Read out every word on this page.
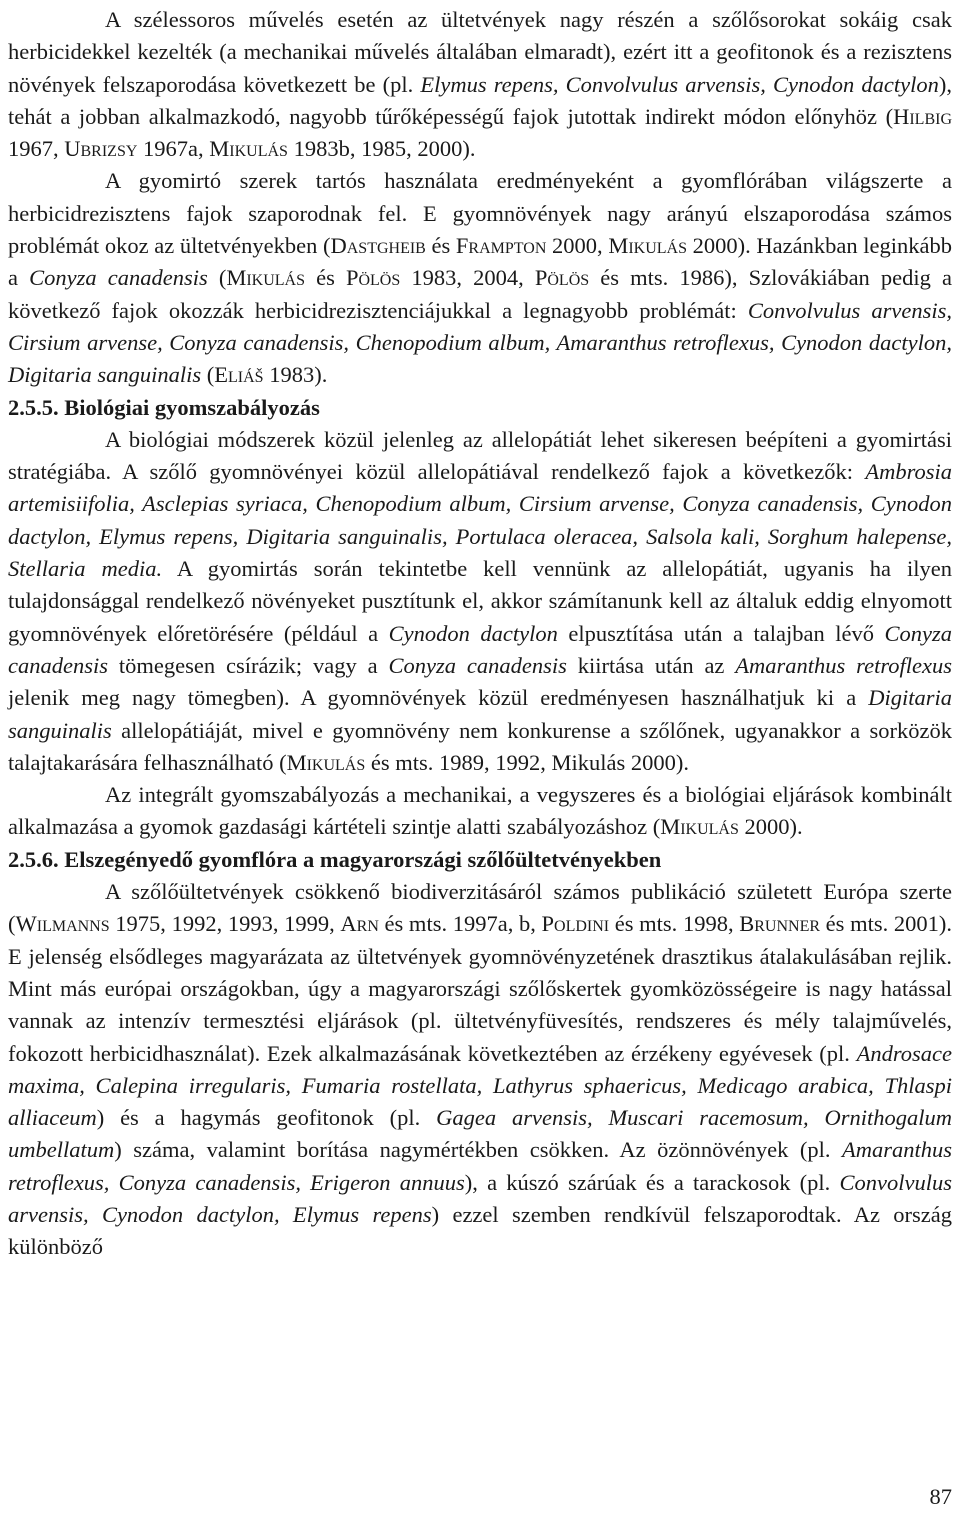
A szélessoros művelés esetén az ültetvények nagy részén a szőlősorokat sokáig csak herbicidekkel kezelték (a mechanikai művelés általában elmaradt), ezért itt a geofitonok és a rezisztens növények felszaporodása következett be (pl. Elymus repens, Convolvulus arvensis, Cynodon dactylon), tehát a jobban alkalmazkodó, nagyobb tűrőképességű fajok jutottak indirekt módon előnyhöz (Hilbig 1967, Ubrizsy 1967a, Mikulás 1983b, 1985, 2000).

A gyomirtó szerek tartós használata eredményeként a gyomflórában világszerte a herbicidrezisztens fajok szaporodnak fel. E gyomnövények nagy arányú elszaporodása számos problémát okoz az ültetvényekben (Dastgheib és Frampton 2000, Mikulás 2000). Hazánkban leginkább a Conyza canadensis (Mikulás és Pölös 1983, 2004, Pölös és mts. 1986), Szlovákiában pedig a következő fajok okozzák herbicidrezisztenciájukkal a legnagyobb problémát: Convolvulus arvensis, Cirsium arvense, Conyza canadensis, Chenopodium album, Amaranthus retroflexus, Cynodon dactylon, Digitaria sanguinalis (Eliáš 1983).

2.5.5. Biológiai gyomszabályozás

A biológiai módszerek közül jelenleg az allelopátiát lehet sikeresen beépíteni a gyomirtási stratégiába. A szőlő gyomnövényei közül allelopátiával rendelkező fajok a következők: Ambrosia artemisiifolia, Asclepias syriaca, Chenopodium album, Cirsium arvense, Conyza canadensis, Cynodon dactylon, Elymus repens, Digitaria sanguinalis, Portulaca oleracea, Salsola kali, Sorghum halepense, Stellaria media. A gyomirtás során tekintetbe kell vennünk az allelopátiát, ugyanis ha ilyen tulajdonsággal rendelkező növényeket pusztítunk el, akkor számítanunk kell az általuk eddig elnyomott gyomnövények előretörésére (például a Cynodon dactylon elpusztítása után a talajban lévő Conyza canadensis tömegesen csírázik; vagy a Conyza canadensis kiirtása után az Amaranthus retroflexus jelenik meg nagy tömegben). A gyomnövények közül eredményesen használhatjuk ki a Digitaria sanguinalis allelopátiáját, mivel e gyomnövény nem konkurense a szőlőnek, ugyanakkor a sorközök talajtakarására felhasználható (Mikulás és mts. 1989, 1992, Mikulás 2000).

Az integrált gyomszabályozás a mechanikai, a vegyszeres és a biológiai eljárások kombinált alkalmazása a gyomok gazdasági kártételi szintje alatti szabályozáshoz (Mikulás 2000).

2.5.6. Elszegényedő gyomflóra a magyarországi szőlőültetvényekben

A szőlőültetvények csökkenő biodiverzitásáról számos publikáció született Európa szerte (Wilmanns 1975, 1992, 1993, 1999, Arn és mts. 1997a, b, Poldini és mts. 1998, Brunner és mts. 2001). E jelenség elsődleges magyarázata az ültetvények gyomnövényzetének drasztikus átalakulásában rejlik. Mint más európai országokban, úgy a magyarországi szőlőskertek gyomközösségeire is nagy hatással vannak az intenzív termesztési eljárások (pl. ültetvényfüvesítés, rendszeres és mély talajművelés, fokozott herbicidhasználat). Ezek alkalmazásának következtében az érzékeny egyévesek (pl. Androsace maxima, Calepina irregularis, Fumaria rostellata, Lathyrus sphaericus, Medicago arabica, Thlaspi alliaceum) és a hagymás geofitonok (pl. Gagea arvensis, Muscari racemosum, Ornithogalum umbellatum) száma, valamint borítása nagymértékben csökken. Az özönnövények (pl. Amaranthus retroflexus, Conyza canadensis, Erigeron annuus), a kúszó szárúak és a tarackosok (pl. Convolvulus arvensis, Cynodon dactylon, Elymus repens) ezzel szemben rendkívül felszaporodtak. Az ország különböző

87
